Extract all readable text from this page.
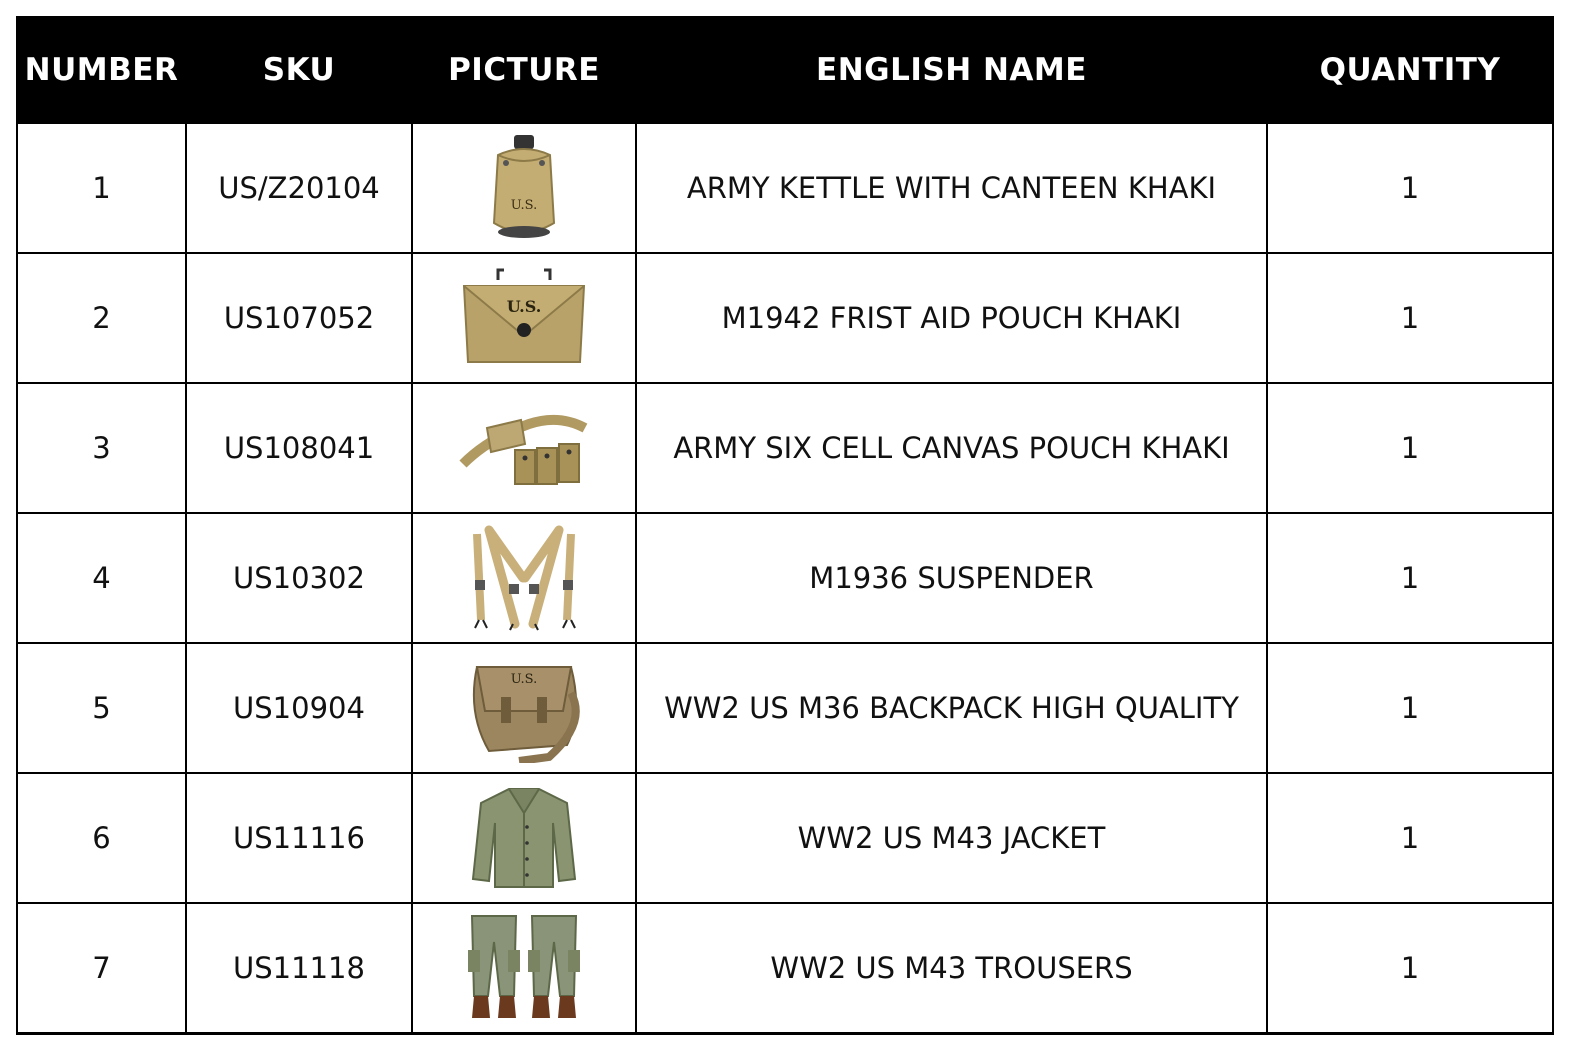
NUMBER	SKU	PICTURE	ENGLISH NAME	QUANTITY
1	US/Z20104	U.S.	ARMY KETTLE WITH CANTEEN KHAKI	1
2	US107052	U.S.	M1942 FRIST AID POUCH KHAKI	1
3	US108041		ARMY SIX CELL CANVAS POUCH KHAKI	1
4	US10302		M1936 SUSPENDER	1
5	US10904	U.S.	WW2 US M36 BACKPACK HIGH QUALITY	1
6	US11116		WW2 US M43 JACKET	1
7	US11118		WW2 US M43 TROUSERS	1
